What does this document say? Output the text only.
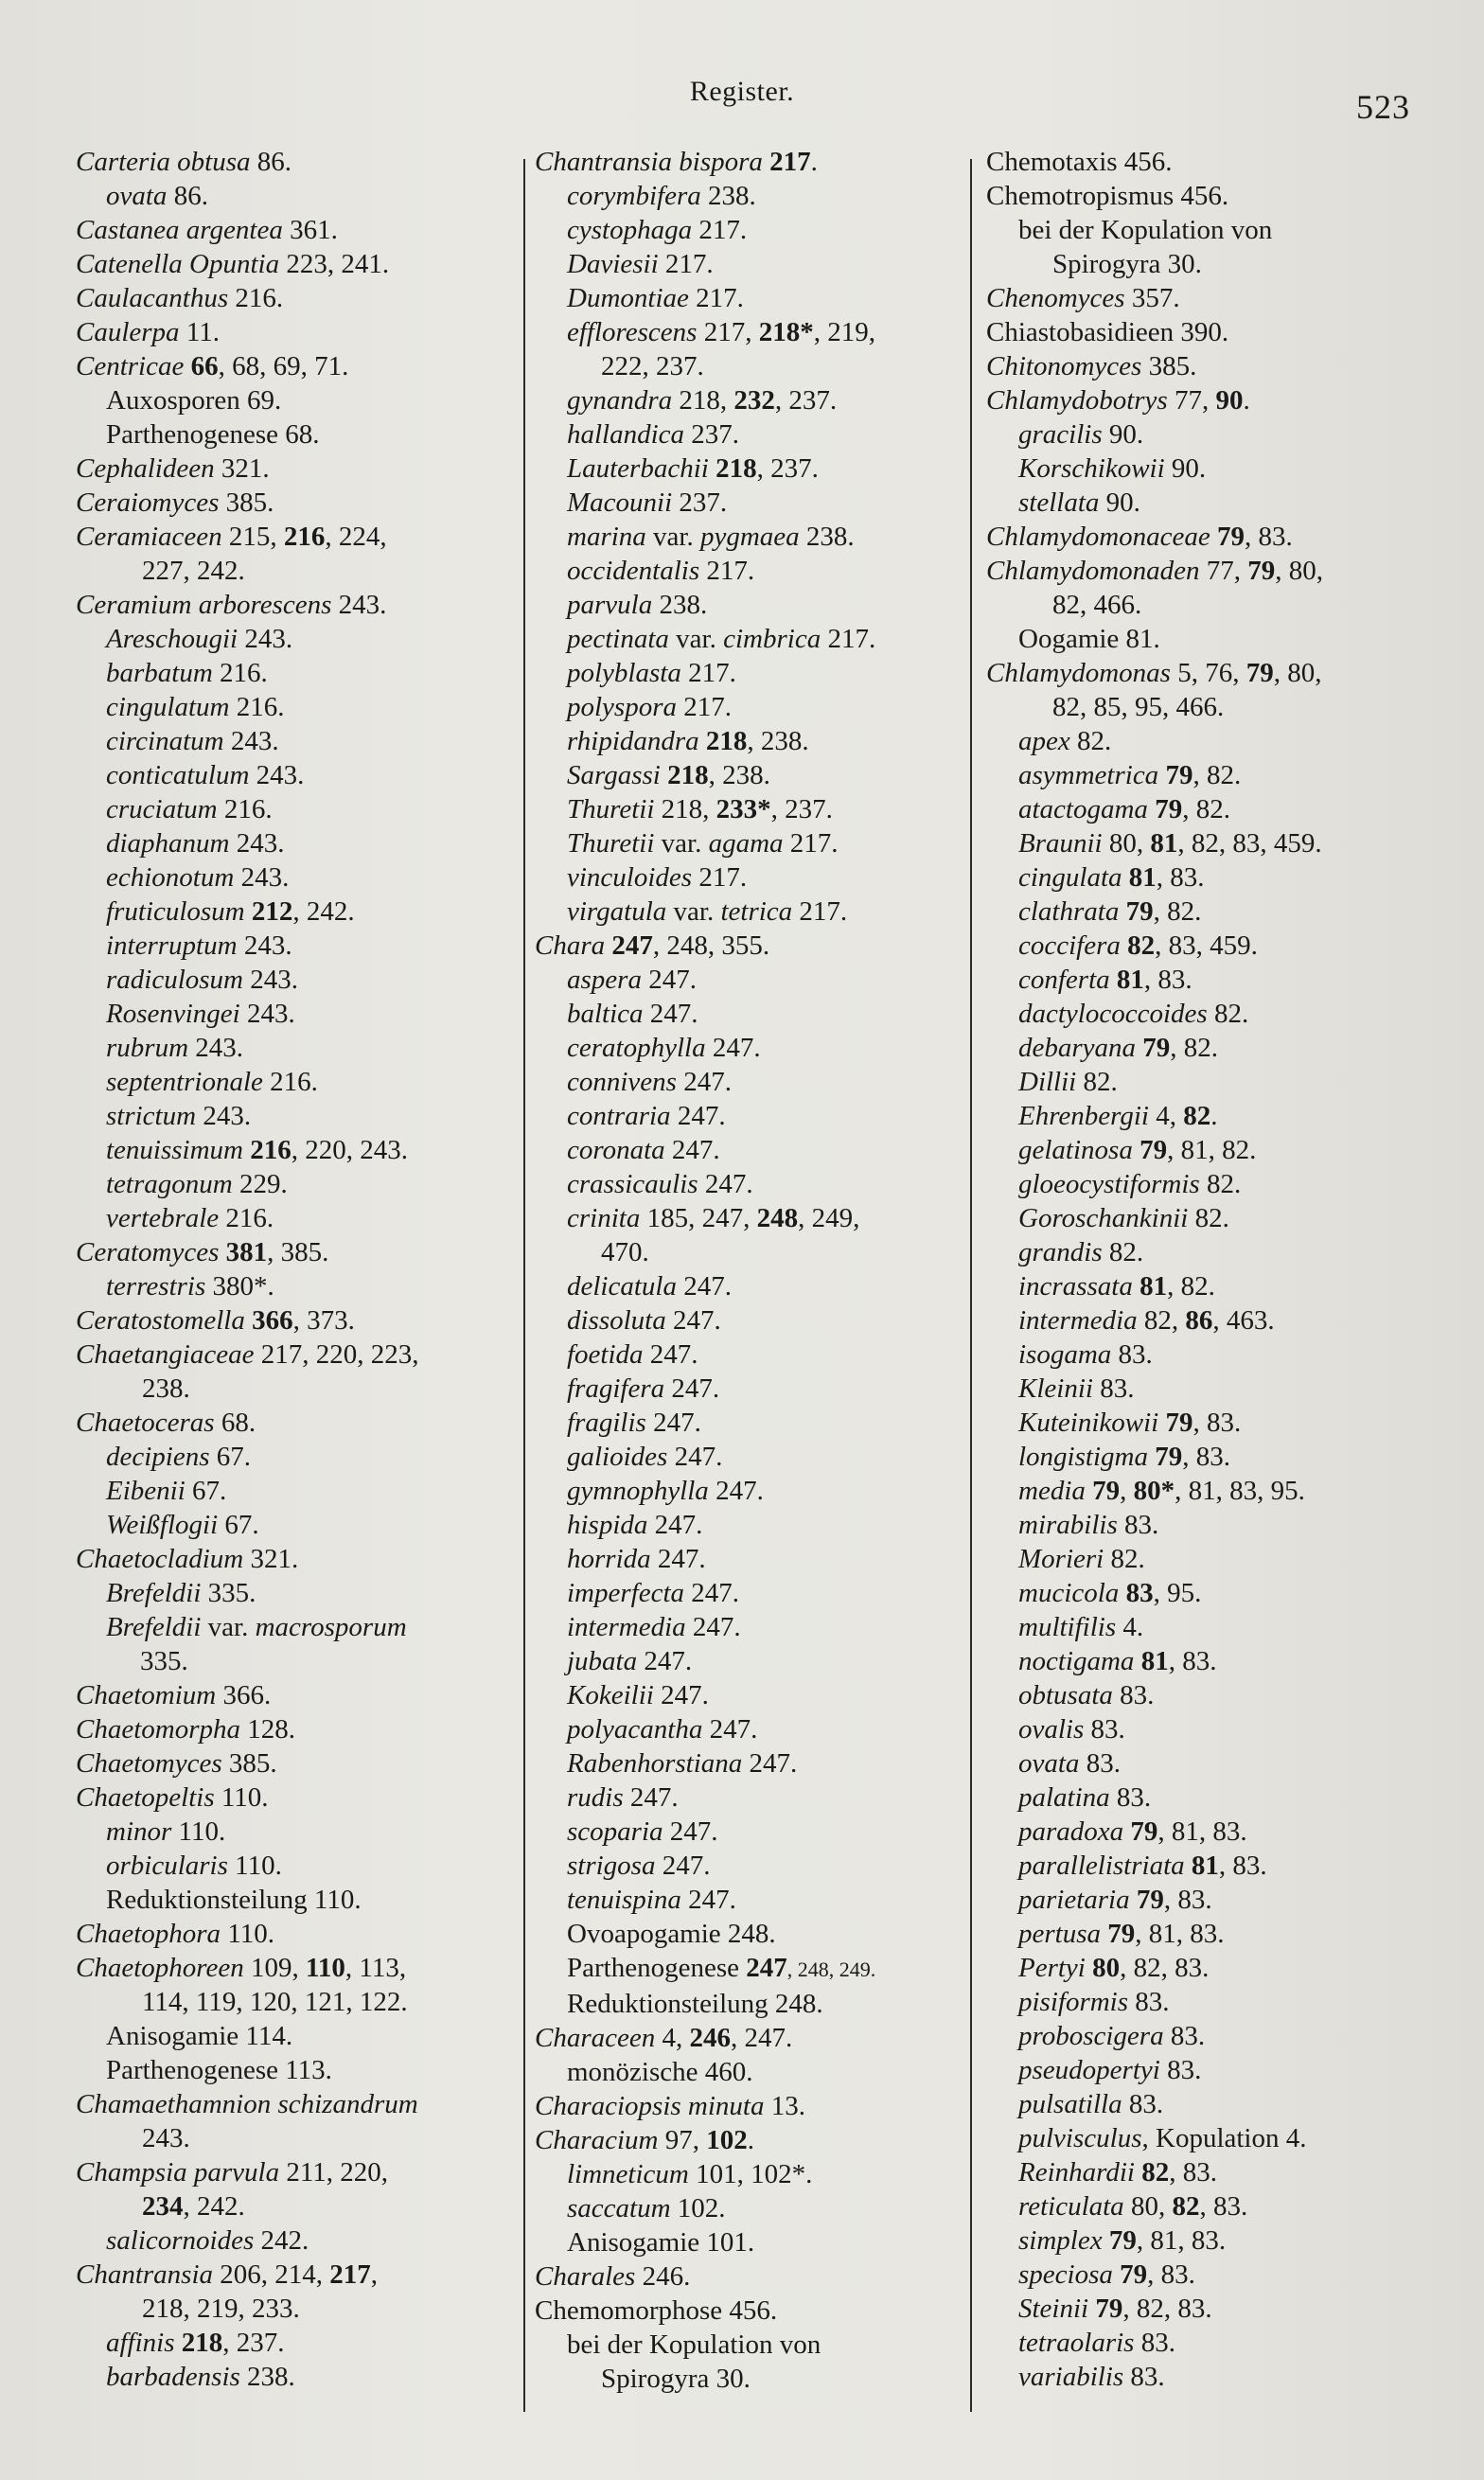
Register.	523
Carteria obtusa 86.
ovata 86.
Castanea argentea 361.
Catenella Opuntia 223, 241.
Caulacanthus 216.
Caulerpa 11.
Centricae 66, 68, 69, 71.
Auxosporen 69.
Parthenogenese 68.
Cephalideen 321.
Ceraiomyces 385.
Ceramiaceen 215, 216, 224,
227, 242.
Ceramium arborescens 243.
Areschougii 243.
barbatum 216.
cingulatum 216.
circinatum 243.
conticatulum 243.
cruciatum 216.
diaphanum 243.
echionotum 243.
fruticulosum 212, 242.
interruptum 243.
radiculosum 243.
Rosenvingei 243.
rubrum 243.
septentrionale 216.
strictum 243.
tenuissimum 216, 220, 243.
tetragonum 229.
vertebrale 216.
Ceratomyces 381, 385.
terrestris 380*.
Ceratostomella 366, 373.
Chaetangiaceae 217, 220, 223,
238.
Chaetoceras 68.
decipiens 67.
Eibenii 67.
Weißflogii 67.
Chaetocladium 321.
Brefeldii 335.
Brefeldii var. macrosporum
335.
Chaetomium 366.
Chaetomorpha 128.
Chaetomyces 385.
Chaetopeltis 110.
minor 110.
orbicularis 110.
Reduktionsteilung 110.
Chaetophora 110.
Chaetophoreen 109, 110, 113,
114, 119, 120, 121, 122.
Anisogamie 114.
Parthenogenese 113.
Chamaethamnion schizandrum
243.
Champsia parvula 211, 220,
234, 242.
salicornoides 242.
Chantransia 206, 214, 217,
218, 219, 233.
affinis 218, 237.
barbadensis 238.
Chantransia bispora 217.
corymbifera 238.
cystophaga 217.
Daviesii 217.
Dumontiae 217.
efflorescens 217, 218*, 219,
222, 237.
gynandra 218, 232, 237.
hallandica 237.
Lauterbachii 218, 237.
Macounii 237.
marina var. pygmaea 238.
occidentalis 217.
parvula 238.
pectinata var. cimbrica 217.
polyblasta 217.
polyspora 217.
rhipidandra 218, 238.
Sargassi 218, 238.
Thuretii 218, 233*, 237.
Thuretii var. agama 217.
vinculoides 217.
virgatula var. tetrica 217.
Chara 247, 248, 355.
aspera 247.
baltica 247.
ceratophylla 247.
connivens 247.
contraria 247.
coronata 247.
crassicaulis 247.
crinita 185, 247, 248, 249,
470.
delicatula 247.
dissoluta 247.
foetida 247.
fragifera 247.
fragilis 247.
galioides 247.
gymnophylla 247.
hispida 247.
horrida 247.
imperfecta 247.
intermedia 247.
jubata 247.
Kokeilii 247.
polyacantha 247.
Rabenhorstiana 247.
rudis 247.
scoparia 247.
strigosa 247.
tenuispina 247.
Ovoapogamie 248.
Parthenogenese 247, 248, 249.
Reduktionsteilung 248.
Characeen 4, 246, 247.
monözische 460.
Characiopsis minuta 13.
Characium 97, 102.
limneticum 101, 102*.
saccatum 102.
Anisogamie 101.
Charales 246.
Chemomorphose 456.
bei der Kopulation von
Spirogyra 30.
Chemotaxis 456.
Chemotropismus 456.
bei der Kopulation von
Spirogyra 30.
Chenomyces 357.
Chiastobasidieen 390.
Chitonomyces 385.
Chlamydobotrys 77, 90.
gracilis 90.
Korschikowii 90.
stellata 90.
Chlamydomonaceae 79, 83.
Chlamydomonaden 77, 79, 80,
82, 466.
Oogamie 81.
Chlamydomonas 5, 76, 79, 80,
82, 85, 95, 466.
apex 82.
asymmetrica 79, 82.
atactogama 79, 82.
Braunii 80, 81, 82, 83, 459.
cingulata 81, 83.
clathrata 79, 82.
coccifera 82, 83, 459.
conferta 81, 83.
dactylococcoides 82.
debaryana 79, 82.
Dillii 82.
Ehrenbergii 4, 82.
gelatinosa 79, 81, 82.
gloeocystiformis 82.
Goroschankinii 82.
grandis 82.
incrassata 81, 82.
intermedia 82, 86, 463.
isogama 83.
Kleinii 83.
Kuteinikowii 79, 83.
longistigma 79, 83.
media 79, 80*, 81, 83, 95.
mirabilis 83.
Morieri 82.
mucicola 83, 95.
multifilis 4.
noctigama 81, 83.
obtusata 83.
ovalis 83.
ovata 83.
palatina 83.
paradoxa 79, 81, 83.
parallelistriata 81, 83.
parietaria 79, 83.
pertusa 79, 81, 83.
Pertyi 80, 82, 83.
pisiformis 83.
proboscigera 83.
pseudopertyi 83.
pulsatilla 83.
pulvisculus, Kopulation 4.
Reinhardii 82, 83.
reticulata 80, 82, 83.
simplex 79, 81, 83.
speciosa 79, 83.
Steinii 79, 82, 83.
tetraolaris 83.
variabilis 83.
